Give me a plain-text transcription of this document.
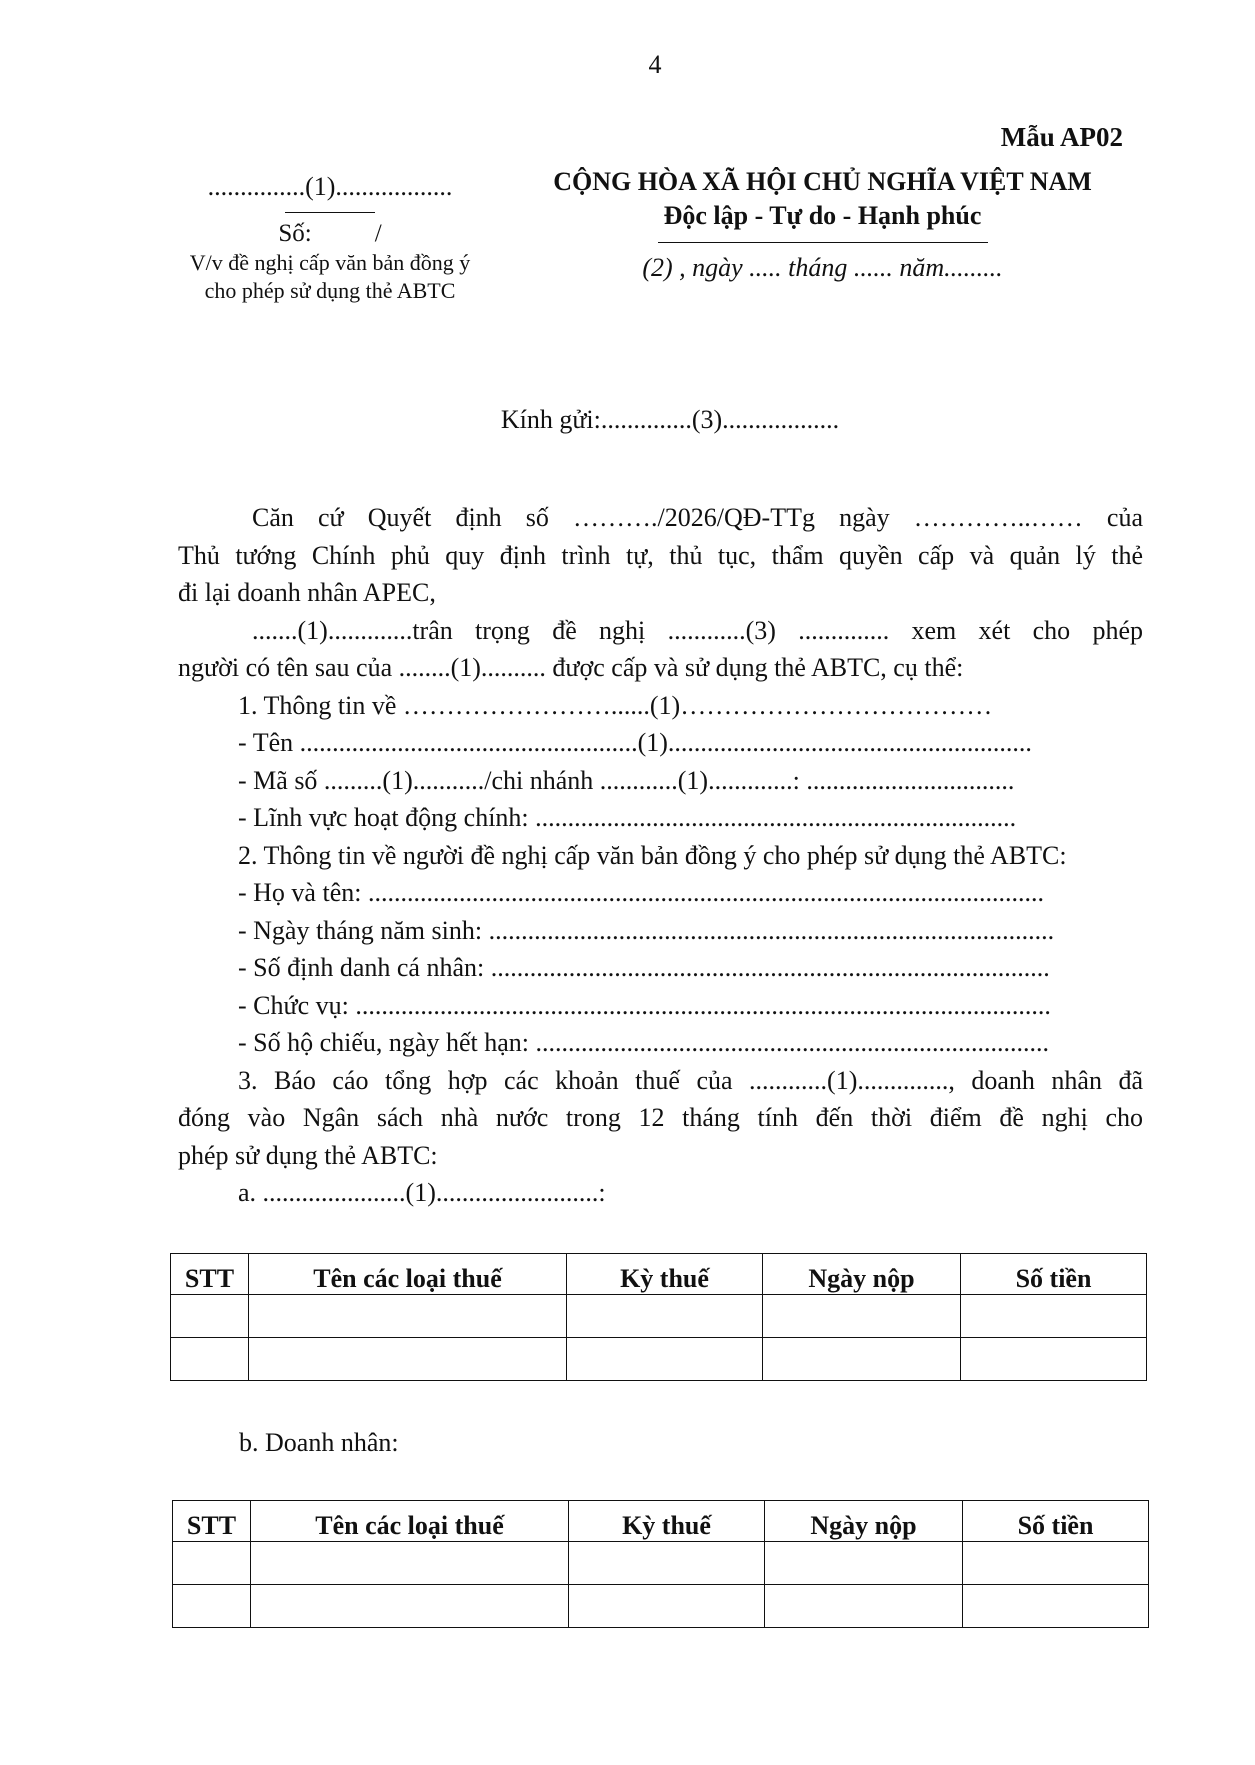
4
Mẫu AP02
...............(1)..................
Số:	/
V/v đề nghị cấp văn bản đồng ý
cho phép sử dụng thẻ ABTC
CỘNG HÒA XÃ HỘI CHỦ NGHĨA VIỆT NAM
Độc lập - Tự do - Hạnh phúc
(2) , ngày ..... tháng ...... năm.........
Kính gửi:..............(3)..................

Căn cứ Quyết định số ………./2026/QĐ-TTg ngày …………..…… của

Thủ tướng Chính phủ quy định trình tự, thủ tục, thẩm quyền cấp và quản lý thẻ

đi lại doanh nhân APEC,

.......(1).............trân trọng đề nghị ............(3) .............. xem xét cho phép

người có tên sau của ........(1).......... được cấp và sử dụng thẻ ABTC, cụ thể:

1. Thông tin về ……………………......(1)………………………………

- Tên ....................................................(1)........................................................

- Mã số .........(1).........../chi nhánh ............(1).............: ................................

- Lĩnh vực hoạt động chính: ..........................................................................

2. Thông tin về người đề nghị cấp văn bản đồng ý cho phép sử dụng thẻ ABTC:

- Họ và tên: ........................................................................................................

- Ngày tháng năm sinh: .......................................................................................

- Số định danh cá nhân: ......................................................................................

- Chức vụ: ...........................................................................................................

- Số hộ chiếu, ngày hết hạn: ...............................................................................

3. Báo cáo tổng hợp các khoản thuế của ............(1).............., doanh nhân đã

đóng vào Ngân sách nhà nước trong 12 tháng tính đến thời điểm đề nghị cho

phép sử dụng thẻ ABTC:

a. ......................(1).........................:

STT	Tên các loại thuế	Kỳ thuế	Ngày nộp	Số tiền

b. Doanh nhân:
STT	Tên các loại thuế	Kỳ thuế	Ngày nộp	Số tiền
